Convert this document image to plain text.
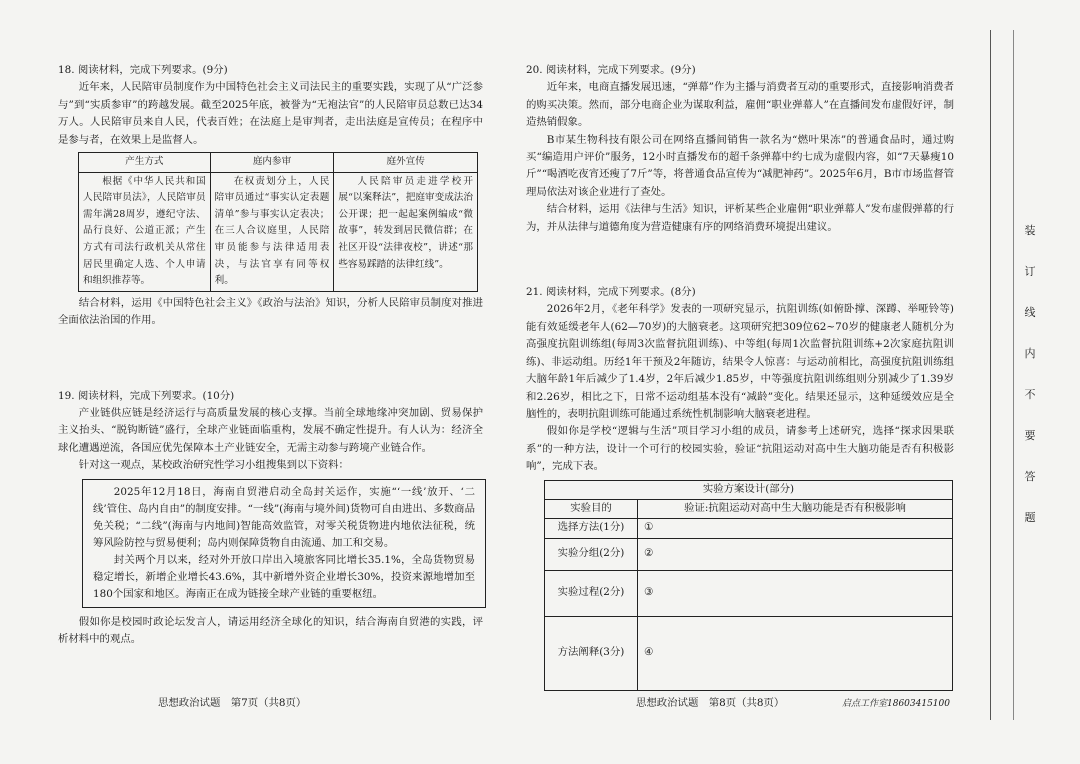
18. 阅读材料，完成下列要求。(9分)

近年来，人民陪审员制度作为中国特色社会主义司法民主的重要实践，实现了从“广泛参与”到“实质参审”的跨越发展。截至2025年底，被誉为“无袍法官”的人民陪审员总数已达34万人。人民陪审员来自人民，代表百姓；在法庭上是审判者，走出法庭是宣传员；在程序中是参与者，在效果上是监督人。

产生方式	庭内参审	庭外宣传
根据《中华人民共和国人民陪审员法》，人民陪审员需年满28周岁，遵纪守法、品行良好、公道正派；产生方式有司法行政机关从常住居民里确定人选、个人申请和组织推荐等。	在权责划分上，人民陪审员通过“事实认定表题清单”参与事实认定表决；在三人合议庭里，人民陪审员能参与法律适用表决，与法官享有同等权利。	人民陪审员走进学校开展“以案释法”，把庭审变成法治公开课；把一起起案例编成“微故事”，转发到居民微信群；在社区开设“法律夜校”，讲述“那些容易踩踏的法律红线”。

结合材料，运用《中国特色社会主义》《政治与法治》知识，分析人民陪审员制度对推进全面依法治国的作用。

19. 阅读材料，完成下列要求。(10分)

产业链供应链是经济运行与高质量发展的核心支撑。当前全球地缘冲突加剧、贸易保护主义抬头、“脱钩断链”盛行，全球产业链面临重构，发展不确定性提升。有人认为：经济全球化遭遇逆流，各国应优先保障本土产业链安全，无需主动参与跨境产业链合作。

针对这一观点，某校政治研究性学习小组搜集到以下资料：

2025年12月18日，海南自贸港启动全岛封关运作，实施“‘一线’放开、‘二线’管住、岛内自由”的制度安排。“一线”(海南与境外间)货物可自由进出、多数商品免关税；“二线”(海南与内地间)智能高效监管，对零关税货物进内地依法征税，统筹风险防控与贸易便利；岛内则保障货物自由流通、加工和交易。

封关两个月以来，经对外开放口岸出入境旅客同比增长35.1%，全岛货物贸易稳定增长，新增企业增长43.6%，其中新增外资企业增长30%，投资来源地增加至180个国家和地区。海南正在成为链接全球产业链的重要枢纽。

假如你是校园时政论坛发言人，请运用经济全球化的知识，结合海南自贸港的实践，评析材料中的观点。

思想政治试题　第7页（共8页）

20. 阅读材料，完成下列要求。(9分)

近年来，电商直播发展迅速，“弹幕”作为主播与消费者互动的重要形式，直接影响消费者的购买决策。然而，部分电商企业为谋取利益，雇佣“职业弹幕人”在直播间发布虚假好评，制造热销假象。

B市某生物科技有限公司在网络直播间销售一款名为“燃叶果冻”的普通食品时，通过购买“编造用户评价”服务，12小时直播发布的超千条弹幕中约七成为虚假内容，如“7天暴瘦10斤”“喝酒吃夜宵还瘦了7斤”等，将普通食品宣传为“减肥神药”。2025年6月，B市市场监督管理局依法对该企业进行了查处。

结合材料，运用《法律与生活》知识，评析某些企业雇佣“职业弹幕人”发布虚假弹幕的行为，并从法律与道德角度为营造健康有序的网络消费环境提出建议。

21. 阅读材料，完成下列要求。(8分)

2026年2月，《老年科学》发表的一项研究显示，抗阻训练(如俯卧撑、深蹲、举哑铃等)能有效延缓老年人(62—70岁)的大脑衰老。这项研究把309位62~70岁的健康老人随机分为高强度抗阻训练组(每周3次监督抗阻训练)、中等组(每周1次监督抗阻训练+2次家庭抗阻训练)、非运动组。历经1年干预及2年随访，结果令人惊喜：与运动前相比，高强度抗阻训练组大脑年龄1年后减少了1.4岁，2年后减少1.85岁，中等强度抗阻训练组则分别减少了1.39岁和2.26岁，相比之下，日常不运动组基本没有“减龄”变化。结果还显示，这种延缓效应是全脑性的，表明抗阻训练可能通过系统性机制影响大脑衰老进程。

假如你是学校“逻辑与生活”项目学习小组的成员，请参考上述研究，选择“探求因果联系”的一种方法，设计一个可行的校园实验，验证“抗阻运动对高中生大脑功能是否有积极影响”，完成下表。

实验方案设计(部分)	
实验目的	验证:抗阻运动对高中生大脑功能是否有积极影响
选择方法(1分)	①
实验分组(2分)	②
实验过程(2分)	③
方法阐释(3分)	④
思想政治试题　第8页（共8页）	启点工作室18603415100
装
订
线
内
不
要
答
题
